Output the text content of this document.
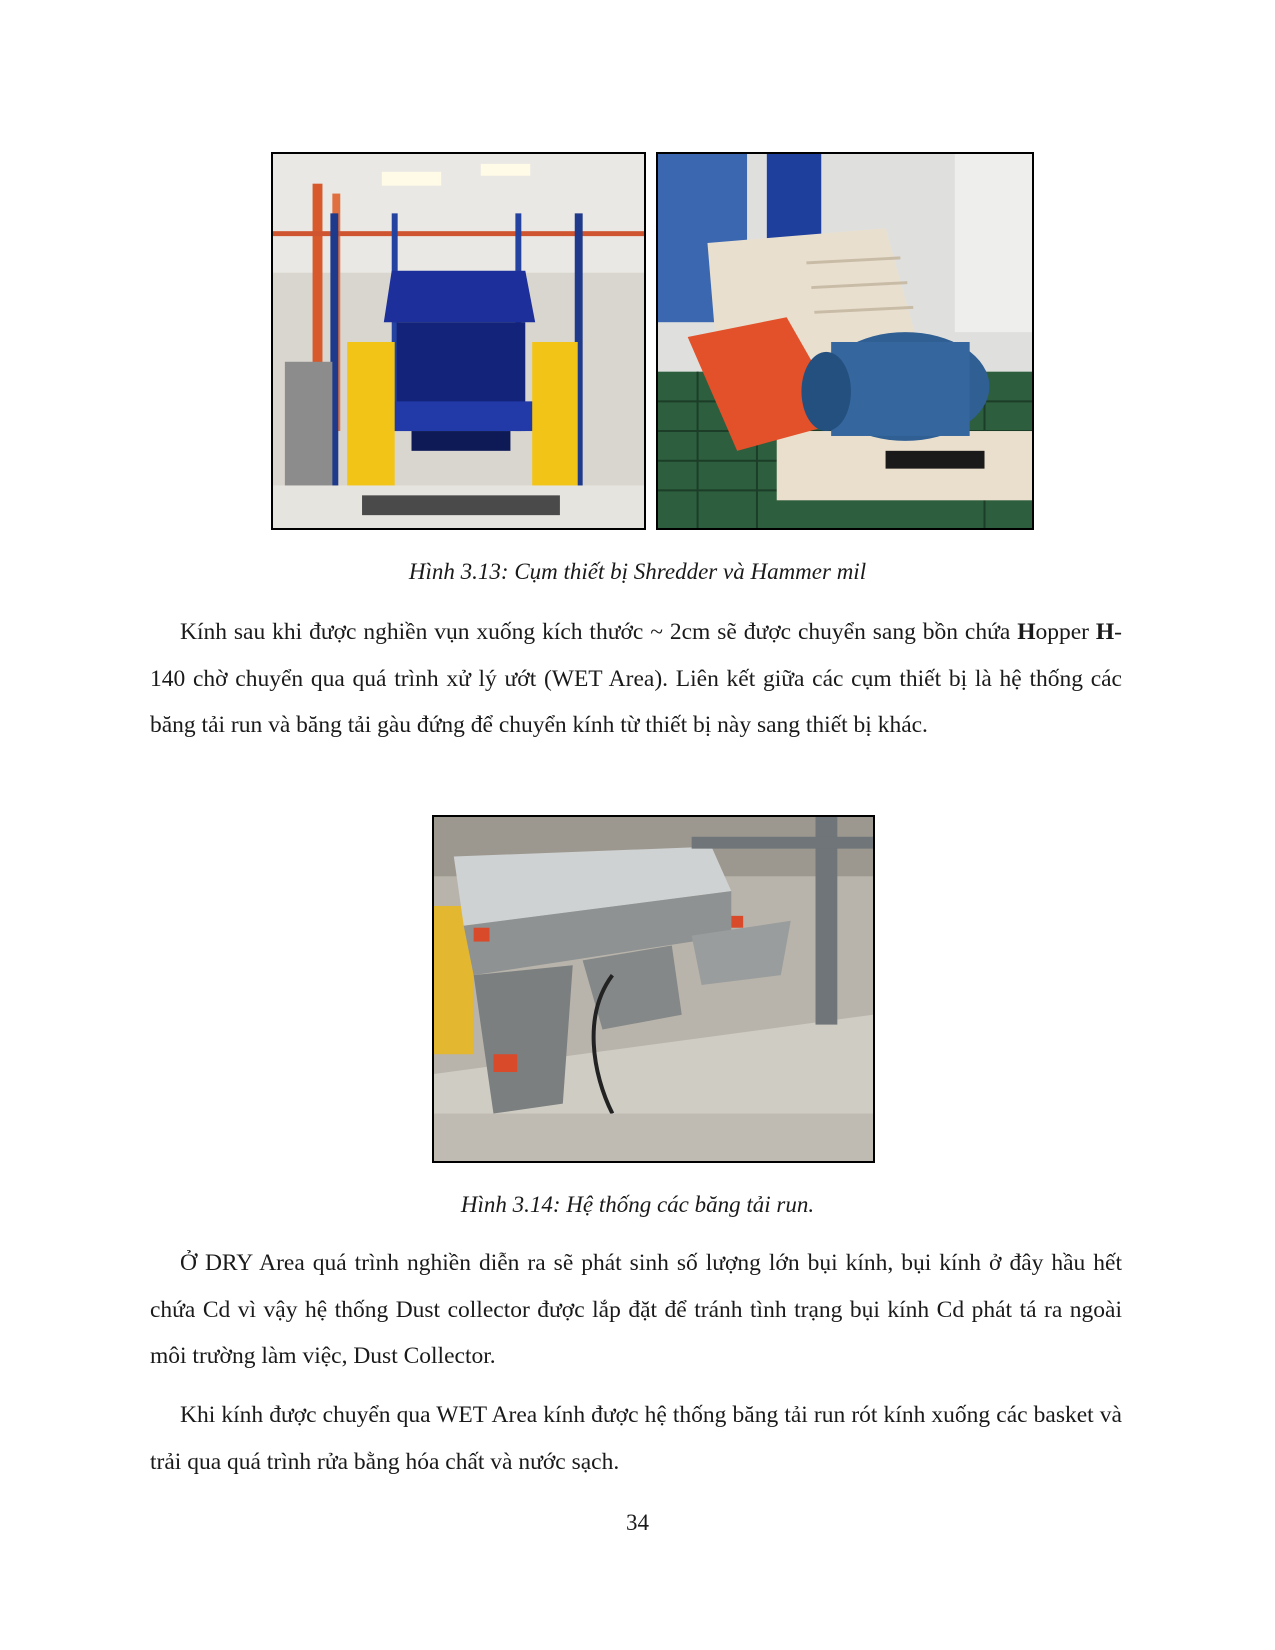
Hình 3.13: Cụm thiết bị Shredder và Hammer mil

Kính sau khi được nghiền vụn xuống kích thước ~ 2cm sẽ được chuyển sang bồn chứa Hopper H-140 chờ chuyển qua quá trình xử lý ướt (WET Area). Liên kết giữa các cụm thiết bị là hệ thống các băng tải run và băng tải gàu đứng để chuyển kính từ thiết bị này sang thiết bị khác.

Hình 3.14: Hệ thống các băng tải run.

Ở DRY Area quá trình nghiền diễn ra sẽ phát sinh số lượng lớn bụi kính, bụi kính ở đây hầu hết chứa Cd vì vậy hệ thống Dust collector được lắp đặt để tránh tình trạng bụi kính Cd phát tá ra ngoài môi trường làm việc, Dust Collector.

Khi kính được chuyển qua WET Area kính được hệ thống băng tải run rót kính xuống các basket và trải qua quá trình rửa bằng hóa chất và nước sạch.

34
